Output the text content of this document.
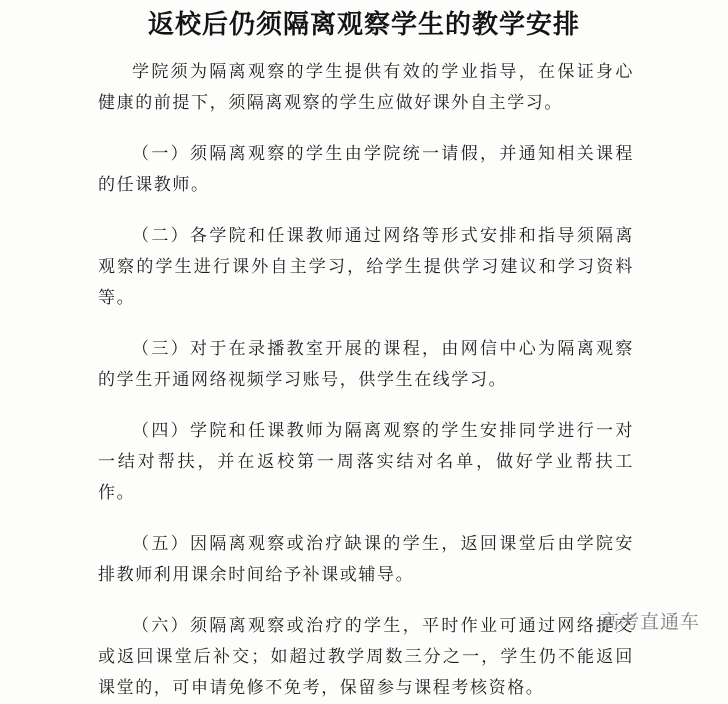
返校后仍须隔离观察学生的教学安排

学院须为隔离观察的学生提供有效的学业指导，在保证身心健康的前提下，须隔离观察的学生应做好课外自主学习。

（一）须隔离观察的学生由学院统一请假，并通知相关课程的任课教师。

（二）各学院和任课教师通过网络等形式安排和指导须隔离观察的学生进行课外自主学习，给学生提供学习建议和学习资料等。

（三）对于在录播教室开展的课程，由网信中心为隔离观察的学生开通网络视频学习账号，供学生在线学习。

（四）学院和任课教师为隔离观察的学生安排同学进行一对一结对帮扶，并在返校第一周落实结对名单，做好学业帮扶工作。

（五）因隔离观察或治疗缺课的学生，返回课堂后由学院安排教师利用课余时间给予补课或辅导。

（六）须隔离观察或治疗的学生，平时作业可通过网络提交或返回课堂后补交；如超过教学周数三分之一，学生仍不能返回课堂的，可申请免修不免考，保留参与课程考核资格。

高考直通车
